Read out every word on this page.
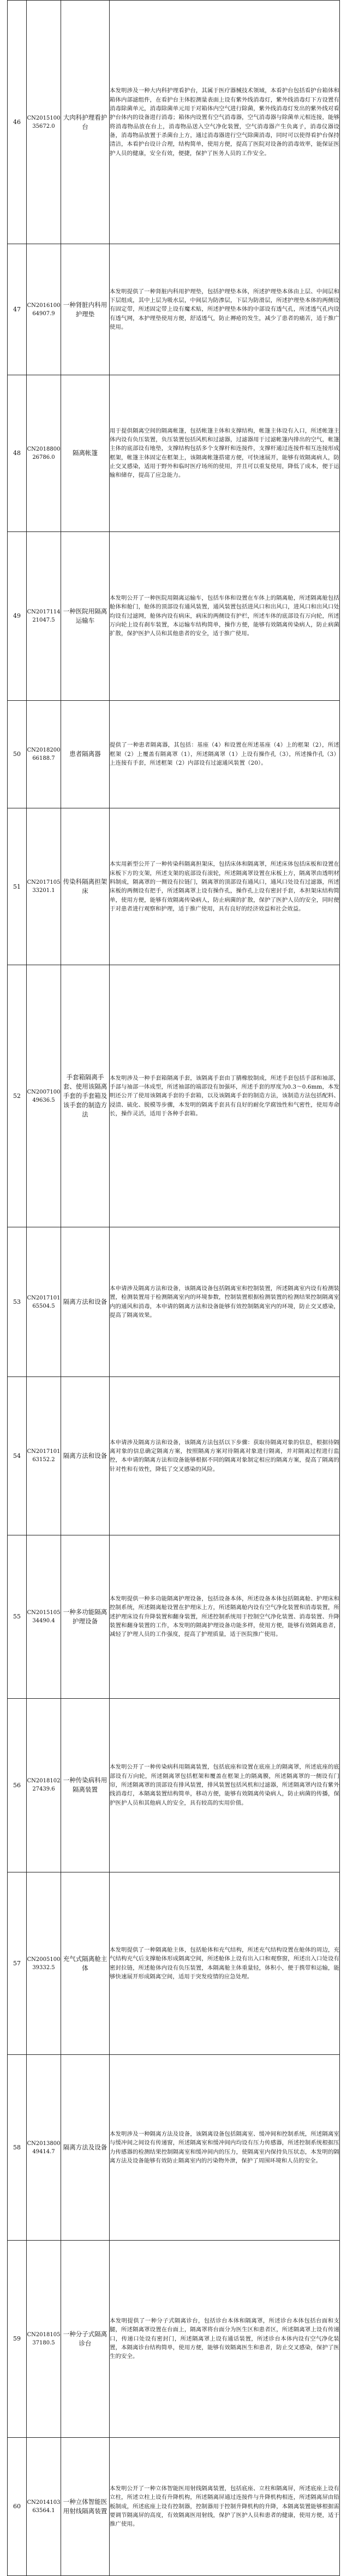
46	CN201510035672.0	大肉科护理看护台	本发明涉及一种大内科护理看护台，其属于医疗器械技术领域，本看护台包括看护台箱体和箱体内部滤组件，在看护台主体腔测量表面上设有紫外线消毒灯，紫外线消毒灯下方设置有消毒除菌单元，消毒除菌单元用于对箱体内空气进行除菌，紫外线消毒灯发出的紫外线对看护台体内的设备进行消毒；箱体内设置有空气消毒器，空气消毒器与除菌单元相连接，能够将消毒物品放在台上，消毒物品送入空气净化装置，空气消毒器产生负离子，消毒仪器设备，消毒物品放置于杀菌台上方，通过消毒器进行空气除菌消毒，同时可以使得看护台保持清洁，本看护台设计合理，结构简单，使用方便，提高了医院对设备的消毒效率，能保证医护人员的健康，安全有效，便捷，保护了医务人员的工作安全。

47	CN201610064907.9	一种肾脏内科用护理垫	本发明提供了一种肾脏内科用护理垫，包括护理垫本体，所述护理垫本体由上层、中间层和下层组成，其中上层为吸水层，中间层为防渗层，下层为防滑层，所述护理垫本体的两侧设有固定带，所述固定带上设有魔术贴，所述护理垫本体的中部设有透气孔，所述透气孔内设有透气网，本护理垫使用方便，舒适透气，防止褥疮的发生，减少了患者的痛苦，适于推广使用。

48	CN201880026786.0	隔离帐篷	用于提供隔离空间的隔离帐篷，包括帐篷主体和支撑结构，帐篷主体设有入口，所述帐篷主体内设有负压装置，负压装置包括风机和过滤器，过滤器用于过滤帐篷内排出的空气，帐篷主体的底部设有地垫，支撑结构包括多个支撑杆和连接件，支撑杆通过连接件相互连接形成框架，帐篷主体固定在框架上，该隔离帐篷搭建方便，可快速展开，能够有效隔离病人，防止交叉感染，适用于野外和临时医疗场所的使用，并且可以重复使用，降低了成本，便于运输和储存，提高了应急能力。

49	CN201711421047.5	一种医院用隔离运输车	本发明公开了一种医院用隔离运输车，包括车体和设置在车体上的隔离舱，所述隔离舱包括舱体和舱门，舱体的顶部设有通风装置，通风装置包括进风口和出风口，进风口和出风口处均设有过滤网，舱体内设有病床，病床的两侧设有护栏，所述车体的底部设有万向轮，所述万向轮上设有刹车装置，本运输车结构简单，操作方便，能够有效隔离传染病人，防止病菌扩散，保护医护人员和其他患者的安全，适于推广使用。

50	CN201820066188.7	患者隔离器	提供了一种患者隔离器，其包括：基座（4）和设置在所述基座（4）上的框架（2），所述框架（2）上覆盖有隔离罩（1），所述隔离罩（1）上设有操作孔（3），所述操作孔（3）上连接有手套，所述框架（2）内部设有过滤通风装置（20）。

51	CN201710533201.1	传染科隔离担架床	本实用新型公开了一种传染科隔离担架床，包括床体和隔离罩，所述床体包括床板和设置在床板下方的支架，所述支架的底部设有滚轮，所述隔离罩设置在床板上方，隔离罩由透明材料制成，隔离罩的一侧设有拉链门，隔离罩的顶部设有通风口，通风口处设有过滤器，所述床板的两侧设有把手，所述隔离罩上设有操作孔，操作孔上设有密封手套，本担架床结构简单，使用方便，能够有效隔离传染病人，防止病菌的扩散，保护了医护人员的安全，同时便于对患者进行观察和护理，适于推广使用，具有良好的经济效益和社会效益。

52	CN200710049636.5	手套箱隔离手套、使用该隔离手套的手套箱及该手套的制造方法	本发明涉及一种手套箱隔离手套，该隔离手套由丁腈橡胶制成，所述手套包括手部和袖部，手部与袖部一体成型，所述袖部的端部设有加强环，所述手套的厚度为0.3～0.6mm，本发明还公开了使用该隔离手套的手套箱，以及该隔离手套的制造方法，该制造方法包括配料、浸渍、硫化、脱模等步骤，本发明的隔离手套具有良好的耐化学腐蚀性和气密性，使用寿命长，操作灵活，适用于各种手套箱。

53	CN201710165504.5	隔离方法和设备	本申请涉及隔离方法和设备，该隔离设备包括隔离室和控制装置，所述隔离室内设有检测装置，检测装置用于检测隔离室内的环境参数，控制装置根据检测装置的检测结果控制隔离室内的通风和消毒，本申请的隔离方法和设备能够有效控制隔离室内的环境，防止交叉感染，提高了隔离效果。

54	CN201710163152.2	隔离方法和设备	本申请涉及隔离方法和设备，该隔离方法包括以下步骤：获取待隔离对象的信息，根据待隔离对象的信息确定隔离方案，按照隔离方案对待隔离对象进行隔离，并对隔离过程进行监控，本申请的隔离方法和设备能够根据不同的隔离对象制定相应的隔离方案，提高了隔离的针对性和有效性，降低了交叉感染的风险。

55	CN201510534490.4	一种多功能隔离护理设备	本发明提供一种多功能隔离护理设备，包括设备本体，所述设备本体包括隔离舱、护理床和控制系统，所述隔离舱设置在护理床上方，所述隔离舱内设有空气净化装置和消毒装置，所述护理床设有升降装置和翻身装置，所述控制系统用于控制空气净化装置、消毒装置、升降装置和翻身装置的工作，本发明的隔离护理设备功能多样，使用方便，能够有效隔离患者，减轻了护理人员的工作强度，提高了护理质量，适于医院推广使用。

56	CN201810227439.6	一种传染病科用隔离装置	本发明公开了一种传染病科用隔离装置，包括底座和设置在底座上的隔离罩，所述底座的底部设有万向轮，所述隔离罩包括框架和覆盖在框架上的隔离膜，所述隔离罩的一侧设有门帘，所述隔离罩的顶部设有排风装置，排风装置包括风机和过滤器，所述隔离罩内设有紫外线消毒灯，本隔离装置结构简单，移动方便，能够有效隔离传染病人，防止病菌的传播，保护医护人员和其他病人的安全，具有较高的实用价值。

57	CN200510039332.5	充气式隔离舱主体	本发明提供了一种隔离舱主体，包括舱体和充气结构，所述充气结构设置在舱体的周边，充气结构充气后支撑舱体形成隔离空间，所述舱体上设有出入口和观察窗，所述出入口处设有密封拉链，所述舱体内设有负压装置，本隔离舱主体重量轻，体积小，便于携带和运输，能够快速展开形成隔离空间，适用于突发疫情的应急处理。

58	CN201380049414.7	隔离方法及设备	本发明涉及一种隔离方法及设备，该隔离设备包括隔离室、缓冲间和控制系统，所述隔离室与缓冲间之间设有传递窗，所述隔离室和缓冲间内均设有压力传感器，所述控制系统根据压力传感器的检测结果控制隔离室和缓冲间内的压力，使隔离室内保持负压状态，本发明的隔离方法及设备能够有效防止隔离室内的污染物外泄，保护了周围环境和人员的安全。

59	CN201810537180.5	一种分子式隔离诊台	本发明提供了一种分子式隔离诊台，包括诊台本体和隔离罩，所述诊台本体包括台面和支腿，所述隔离罩设置在台面上，隔离罩将台面分为医生区和患者区，所述隔离罩上设有传递口，传递口处设有密封门，所述隔离罩上设有通话装置，所述诊台本体内设有空气净化装置，本隔离诊台结构简单，使用方便，能够有效隔离医生和患者，防止交叉感染，保护了医生的安全。

60	CN201410363564.1	一种立体智能医用射线隔离装置	本发明公开了一种立体智能医用射线隔离装置，包括底座、立柱和隔离屏，所述底座上设有立柱，所述立柱上设有升降机构，所述隔离屏通过连接件与升降机构相连，所述隔离屏由铅板制成，所述底座上设有控制器，控制器用于控制升降机构的升降，本隔离装置能够根据需要调节隔离屏的高度，有效隔离医用射线，保护了医护人员和患者的健康，使用方便，适于推广使用。
